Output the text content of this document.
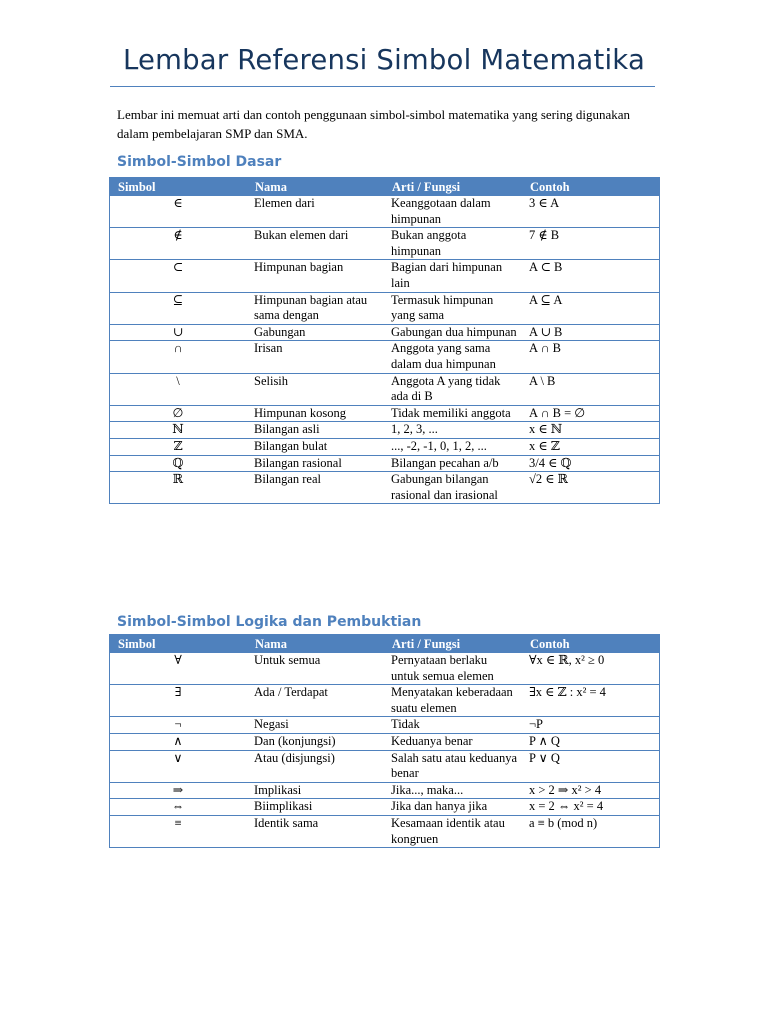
Lembar Referensi Simbol Matematika
Lembar ini memuat arti dan contoh penggunaan simbol-simbol matematika yang sering digunakan dalam pembelajaran SMP dan SMA.
Simbol-Simbol Dasar
Simbol	Nama	Arti / Fungsi	Contoh
∈	Elemen dari	Keanggotaan dalam himpunan	3 ∈ A
∉	Bukan elemen dari	Bukan anggota himpunan	7 ∉ B
⊂	Himpunan bagian	Bagian dari himpunan lain	A ⊂ B
⊆	Himpunan bagian atau sama dengan	Termasuk himpunan yang sama	A ⊆ A
∪	Gabungan	Gabungan dua himpunan	A ∪ B
∩	Irisan	Anggota yang sama dalam dua himpunan	A ∩ B
\	Selisih	Anggota A yang tidak ada di B	A \ B
∅	Himpunan kosong	Tidak memiliki anggota	A ∩ B = ∅
ℕ	Bilangan asli	1, 2, 3, ...	x ∈ ℕ
ℤ	Bilangan bulat	..., -2, -1, 0, 1, 2, ...	x ∈ ℤ
ℚ	Bilangan rasional	Bilangan pecahan a/b	3/4 ∈ ℚ
ℝ	Bilangan real	Gabungan bilangan rasional dan irasional	√2 ∈ ℝ
Simbol-Simbol Logika dan Pembuktian
Simbol	Nama	Arti / Fungsi	Contoh
∀	Untuk semua	Pernyataan berlaku untuk semua elemen	∀x ∈ ℝ, x² ≥ 0
∃	Ada / Terdapat	Menyatakan keberadaan suatu elemen	∃x ∈ ℤ : x² = 4
¬	Negasi	Tidak	¬P
∧	Dan (konjungsi)	Keduanya benar	P ∧ Q
∨	Atau (disjungsi)	Salah satu atau keduanya benar	P ∨ Q
⇒	Implikasi	Jika..., maka...	x > 2 ⇒ x² > 4
⇔	Biimplikasi	Jika dan hanya jika	x = 2 ⇔ x² = 4
≡	Identik sama	Kesamaan identik atau kongruen	a ≡ b (mod n)
